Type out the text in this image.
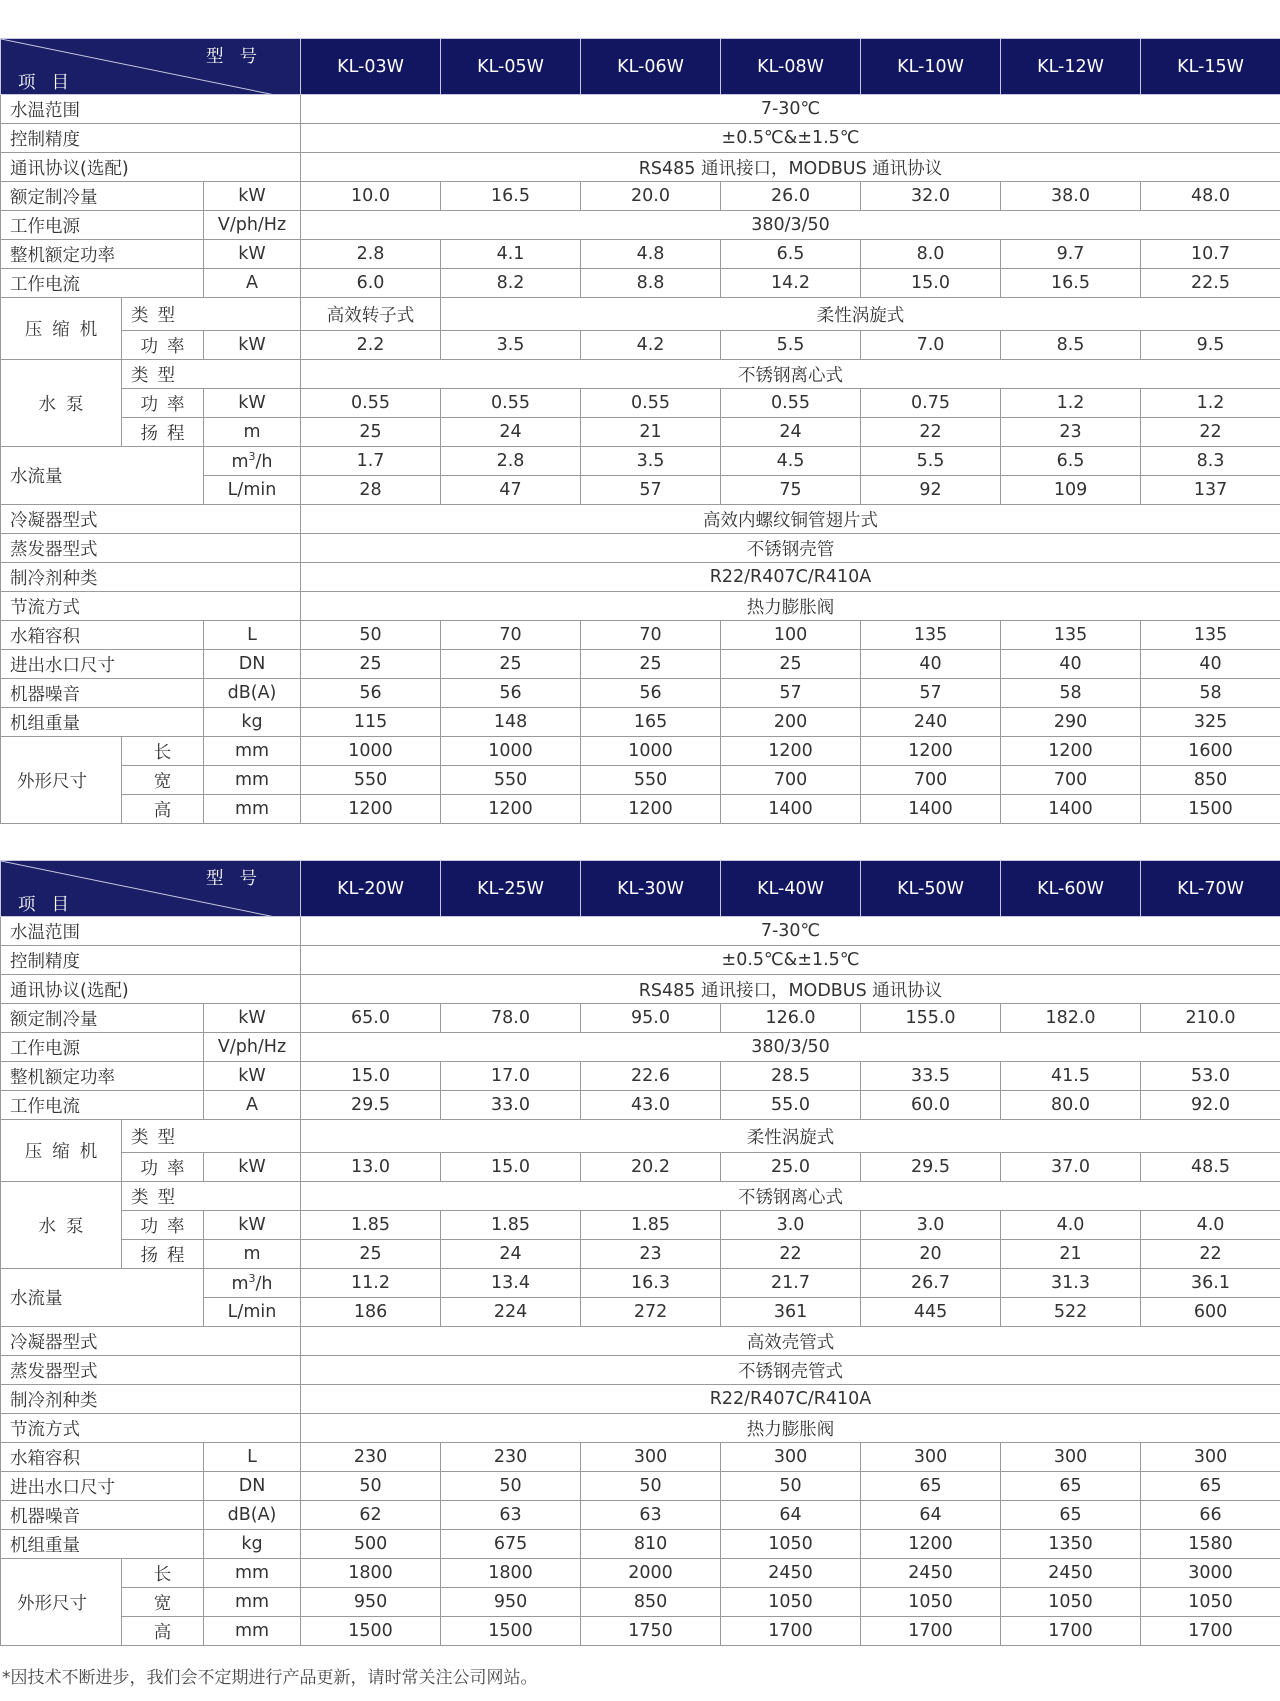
型号
项目			KL-03W	KL-05W	KL-06W	KL-08W	KL-10W	KL-12W	KL-15W
水温范围			7-30℃						
控制精度			±0.5℃&±1.5℃						
通讯协议(选配)			RS485 通讯接口，MODBUS 通讯协议						
额定制冷量		kW	10.0	16.5	20.0	26.0	32.0	38.0	48.0
工作电源		V/ph/Hz	380/3/50						
整机额定功率		kW	2.8	4.1	4.8	6.5	8.0	9.7	10.7
工作电流		A	6.0	8.2	8.8	14.2	15.0	16.5	22.5
压缩机	类型		高效转子式	柔性涡旋式					
	功率	kW	2.2	3.5	4.2	5.5	7.0	8.5	9.5
水泵	类型		不锈钢离心式						
	功率	kW	0.55	0.55	0.55	0.55	0.75	1.2	1.2
	扬程	m	25	24	21	24	22	23	22
水流量		$m^3/h$	1.7	2.8	3.5	4.5	5.5	6.5	8.3
		L/min	28	47	57	75	92	109	137
冷凝器型式			高效内螺纹铜管翅片式						
蒸发器型式			不锈钢壳管						
制冷剂种类			R22/R407C/R410A						
节流方式			热力膨胀阀						
水箱容积		L	50	70	70	100	135	135	135
进出水口尺寸		DN	25	25	25	25	40	40	40
机器噪音		dB(A)	56	56	56	57	57	58	58
机组重量		kg	115	148	165	200	240	290	325
外形尺寸	长	mm	1000	1000	1000	1200	1200	1200	1600
	宽	mm	550	550	550	700	700	700	850
	高	mm	1200	1200	1200	1400	1400	1400	1500
型号
项目			KL-20W	KL-25W	KL-30W	KL-40W	KL-50W	KL-60W	KL-70W
水温范围			7-30℃						
控制精度			±0.5℃&±1.5℃						
通讯协议(选配)			RS485 通讯接口，MODBUS 通讯协议						
额定制冷量		kW	65.0	78.0	95.0	126.0	155.0	182.0	210.0
工作电源		V/ph/Hz	380/3/50						
整机额定功率		kW	15.0	17.0	22.6	28.5	33.5	41.5	53.0
工作电流		A	29.5	33.0	43.0	55.0	60.0	80.0	92.0
压缩机	类型		柔性涡旋式						
	功率	kW	13.0	15.0	20.2	25.0	29.5	37.0	48.5
水泵	类型		不锈钢离心式						
	功率	kW	1.85	1.85	1.85	3.0	3.0	4.0	4.0
	扬程	m	25	24	23	22	20	21	22
水流量		$m^3/h$	11.2	13.4	16.3	21.7	26.7	31.3	36.1
		L/min	186	224	272	361	445	522	600
冷凝器型式			高效壳管式						
蒸发器型式			不锈钢壳管式						
制冷剂种类			R22/R407C/R410A						
节流方式			热力膨胀阀						
水箱容积		L	230	230	300	300	300	300	300
进出水口尺寸		DN	50	50	50	50	65	65	65
机器噪音		dB(A)	62	63	63	64	64	65	66
机组重量		kg	500	675	810	1050	1200	1350	1580
外形尺寸	长	mm	1800	1800	2000	2450	2450	2450	3000
	宽	mm	950	950	850	1050	1050	1050	1050
	高	mm	1500	1500	1750	1700	1700	1700	1700
*因技术不断进步，我们会不定期进行产品更新，请时常关注公司网站。
